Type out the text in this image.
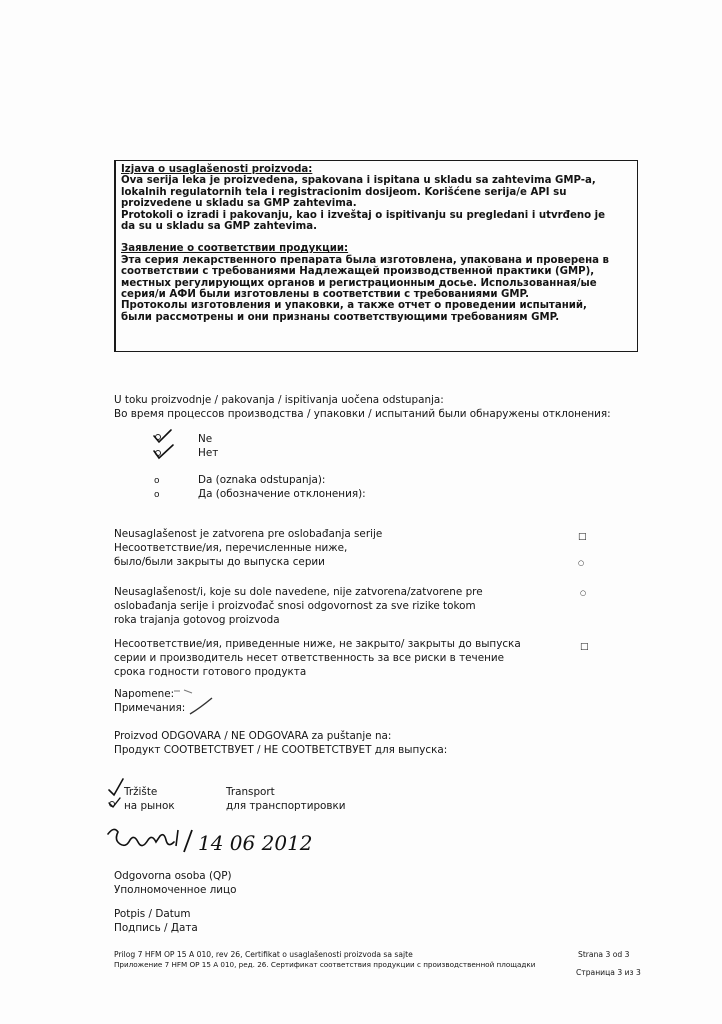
Izjava o usaglašenosti proizvoda:

Ova serija leka je proizvedena, spakovana i ispitana u skladu sa zahtevima GMP-a,

lokalnih regulatornih tela i registracionim dosijeom. Korišćene serija/e API su

proizvedene u skladu sa GMP zahtevima.

Protokoli o izradi i pakovanju, kao i izveštaj o ispitivanju su pregledani i utvrđeno je

da su u skladu sa GMP zahtevima.

Заявление о соответствии продукции:

Эта серия лекарственного препарата была изготовлена, упакована и проверена в

соответствии с требованиями Надлежащей производственной практики (GMP),

местных регулирующих органов и регистрационным досье. Использованная/ые

серия/и АФИ были изготовлены в соответствии с требованиями GMP.

Протоколы изготовления и упаковки, а также отчет о проведении испытаний,

были рассмотрены и они признаны соответствующими требованиям GMP.

U toku proizvodnje / pakovanja / ispitivanja uočena odstupanja:
Во время процессов производства / упаковки / испытаний были обнаружены отклонения:
Ne
Нет
o
o
Da (oznaka odstupanja):
Да (обозначение отклонения):
Neusaglašenost je zatvorena pre oslobađanja serije
Несоответствие/ия, перечисленные ниже,
было/были закрыты до выпуска серии
□
○
Neusaglašenost/i, koje su dole navedene, nije zatvorena/zatvorene pre
oslobađanja serije i proizvođač snosi odgovornost za sve rizike tokom
roka trajanja gotovog proizvoda
○
Несоответствие/ия, приведенные ниже, не закрыто/ закрыты до выпуска
серии и производитель несет ответственность за все риски в течение
срока годности готового продукта
□
Napomene:
Примечания:
Proizvod ODGOVARA / NE ODGOVARA za puštanje na:
Продукт СООТВЕТСТВУЕТ / НЕ СООТВЕТСТВУЕТ для выпуска:
Tržište
на рынок
Transport
для транспортировки
14 06 2012
Odgovorna osoba (QP)
Уполномоченное лицо
Potpis / Datum
Подпись / Дата
Prilog 7 HFM OP 15 A 010, rev 26, Certifikat o usaglašenosti proizvoda sa sajte
Приложение 7 HFM OP 15 A 010, ред. 26. Сертификат соответствия продукции с производственной площадки
Strana 3 od 3
Страница 3 из 3
